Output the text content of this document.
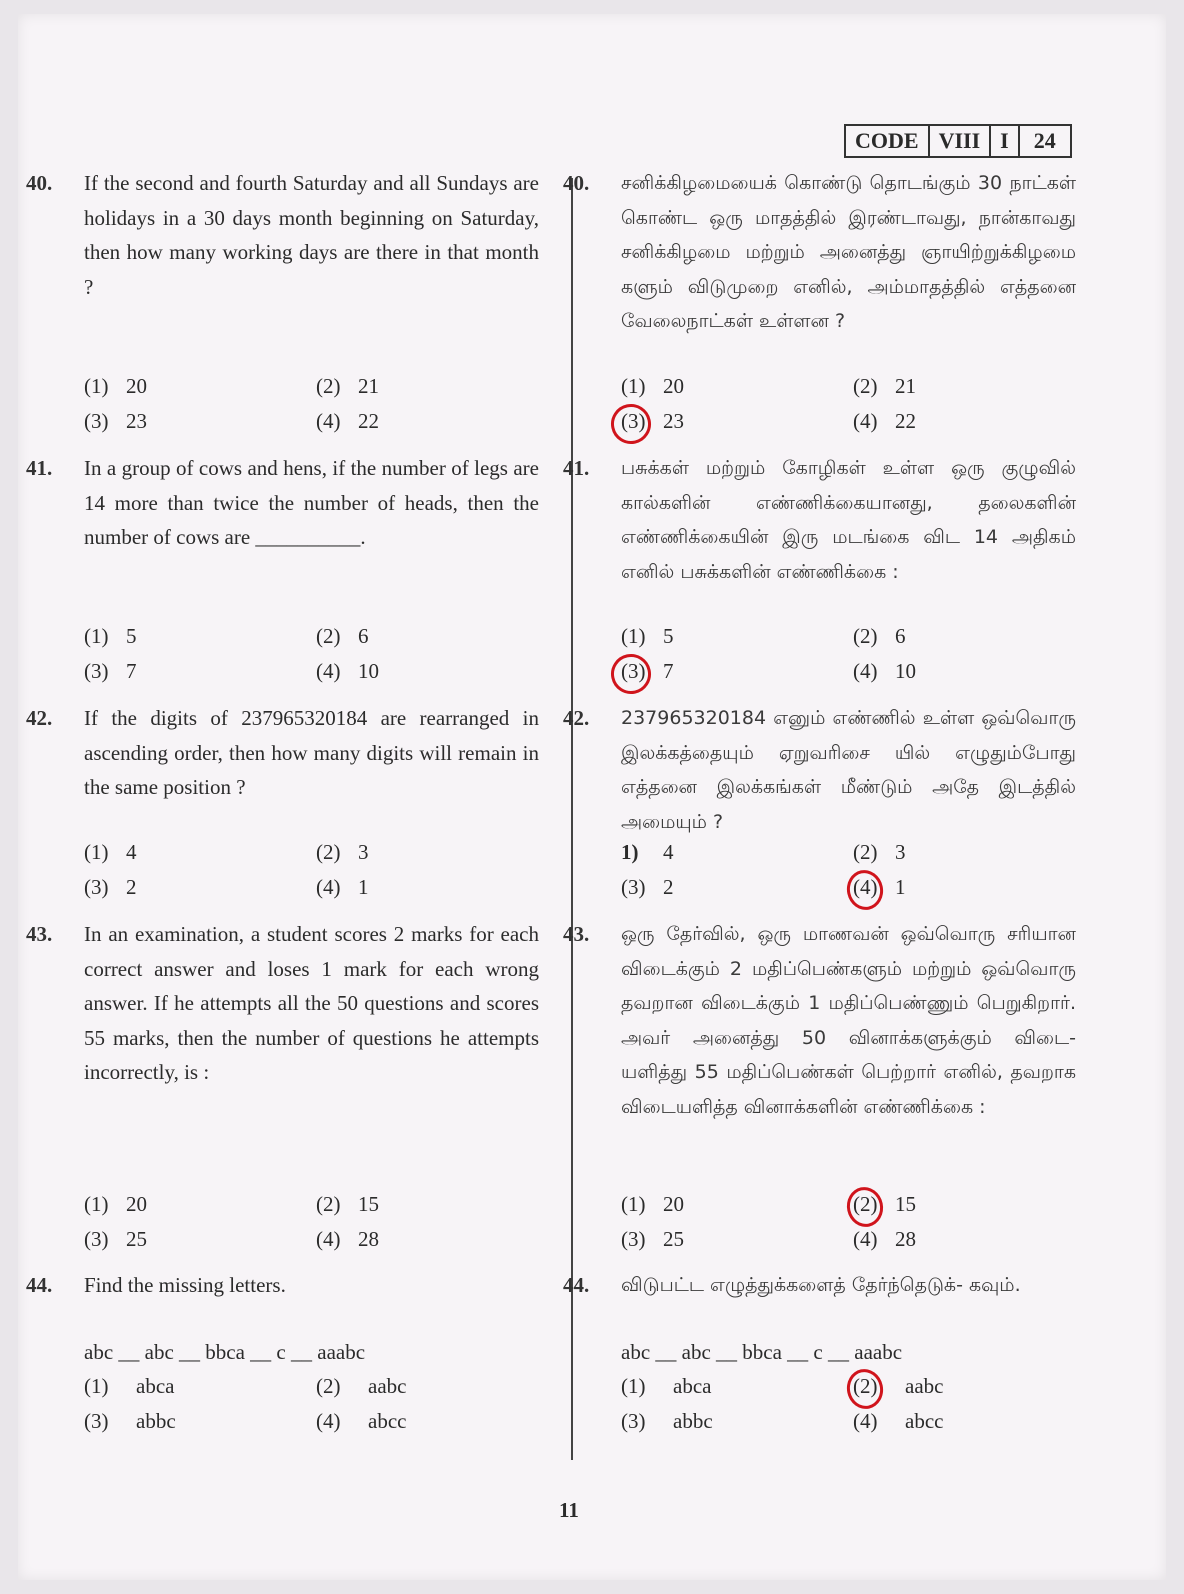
CODE VIII I	24
40. If the second and fourth Saturday and all Sundays are holidays in a 30 days month beginning on Saturday, then how many working days are there in that month ?
(1) 20	(2) 21
(3) 23	(4) 22
41. In a group of cows and hens, if the number of legs are 14 more than twice the number of heads, then the number of cows are __________.
(1) 5	(2) 6
(3) 7	(4) 10
42. If the digits of 237965320184 are rearranged in ascending order, then how many digits will remain in the same position ?
(1) 4	(2) 3
(3) 2	(4) 1
43. In an examination, a student scores 2 marks for each correct answer and loses 1 mark for each wrong answer. If he attempts all the 50 questions and scores 55 marks, then the number of questions he attempts incorrectly, is :
(1) 20	(2) 15
(3) 25	(4) 28
44. Find the missing letters.
abc __ abc __ bbca __ c __ aaabc
(1) abca	(2) aabc
(3) abbc	(4) abcc
40. சனிக்கிழமையைக் கொண்டு தொடங்கும் 30 நாட்கள் கொண்ட ஒரு மாதத்தில் இரண்டாவது, நான்காவது சனிக்கிழமை மற்றும் அனைத்து ஞாயிற்றுக்கிழமை களும் விடுமுறை எனில், அம்மாதத்தில் எத்தனை வேலைநாட்கள் உள்ளன ?
(1) 20	(2) 21
(3) 23	(4) 22
41. பசுக்கள் மற்றும் கோழிகள் உள்ள ஒரு குழுவில் கால்களின் எண்ணிக்கையானது, தலைகளின் எண்ணிக்கையின் இரு மடங்கை விட 14 அதிகம் எனில் பசுக்களின் எண்ணிக்கை :
(1) 5	(2) 6
(3) 7	(4) 10
42. 237965320184 எனும் எண்ணில் உள்ள ஒவ்வொரு இலக்கத்தையும் ஏறுவரிசை யில் எழுதும்போது எத்தனை இலக்கங்கள் மீண்டும் அதே இடத்தில் அமையும் ?
1) 4	(2) 3
(3) 2	(4) 1
43. ஒரு தேர்வில், ஒரு மாணவன் ஒவ்வொரு சரியான விடைக்கும் 2 மதிப்பெண்களும் மற்றும் ஒவ்வொரு தவறான விடைக்கும் 1 மதிப்பெண்ணும் பெறுகிறார். அவர் அனைத்து 50 வினாக்களுக்கும் விடை- யளித்து 55 மதிப்பெண்கள் பெற்றார் எனில், தவறாக விடையளித்த வினாக்களின் எண்ணிக்கை :
(1) 20	(2) 15
(3) 25	(4) 28
44. விடுபட்ட எழுத்துக்களைத் தேர்ந்தெடுக்- கவும்.
abc __ abc __ bbca __ c __ aaabc
(1) abca	(2) aabc
(3) abbc	(4) abcc
11
